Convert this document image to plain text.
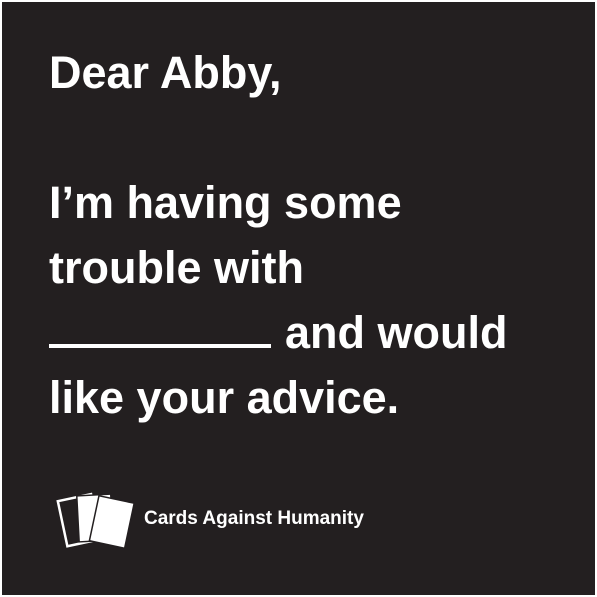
Dear Abby,
I’m having some
trouble with
and would
like your advice.
Cards Against Humanity
